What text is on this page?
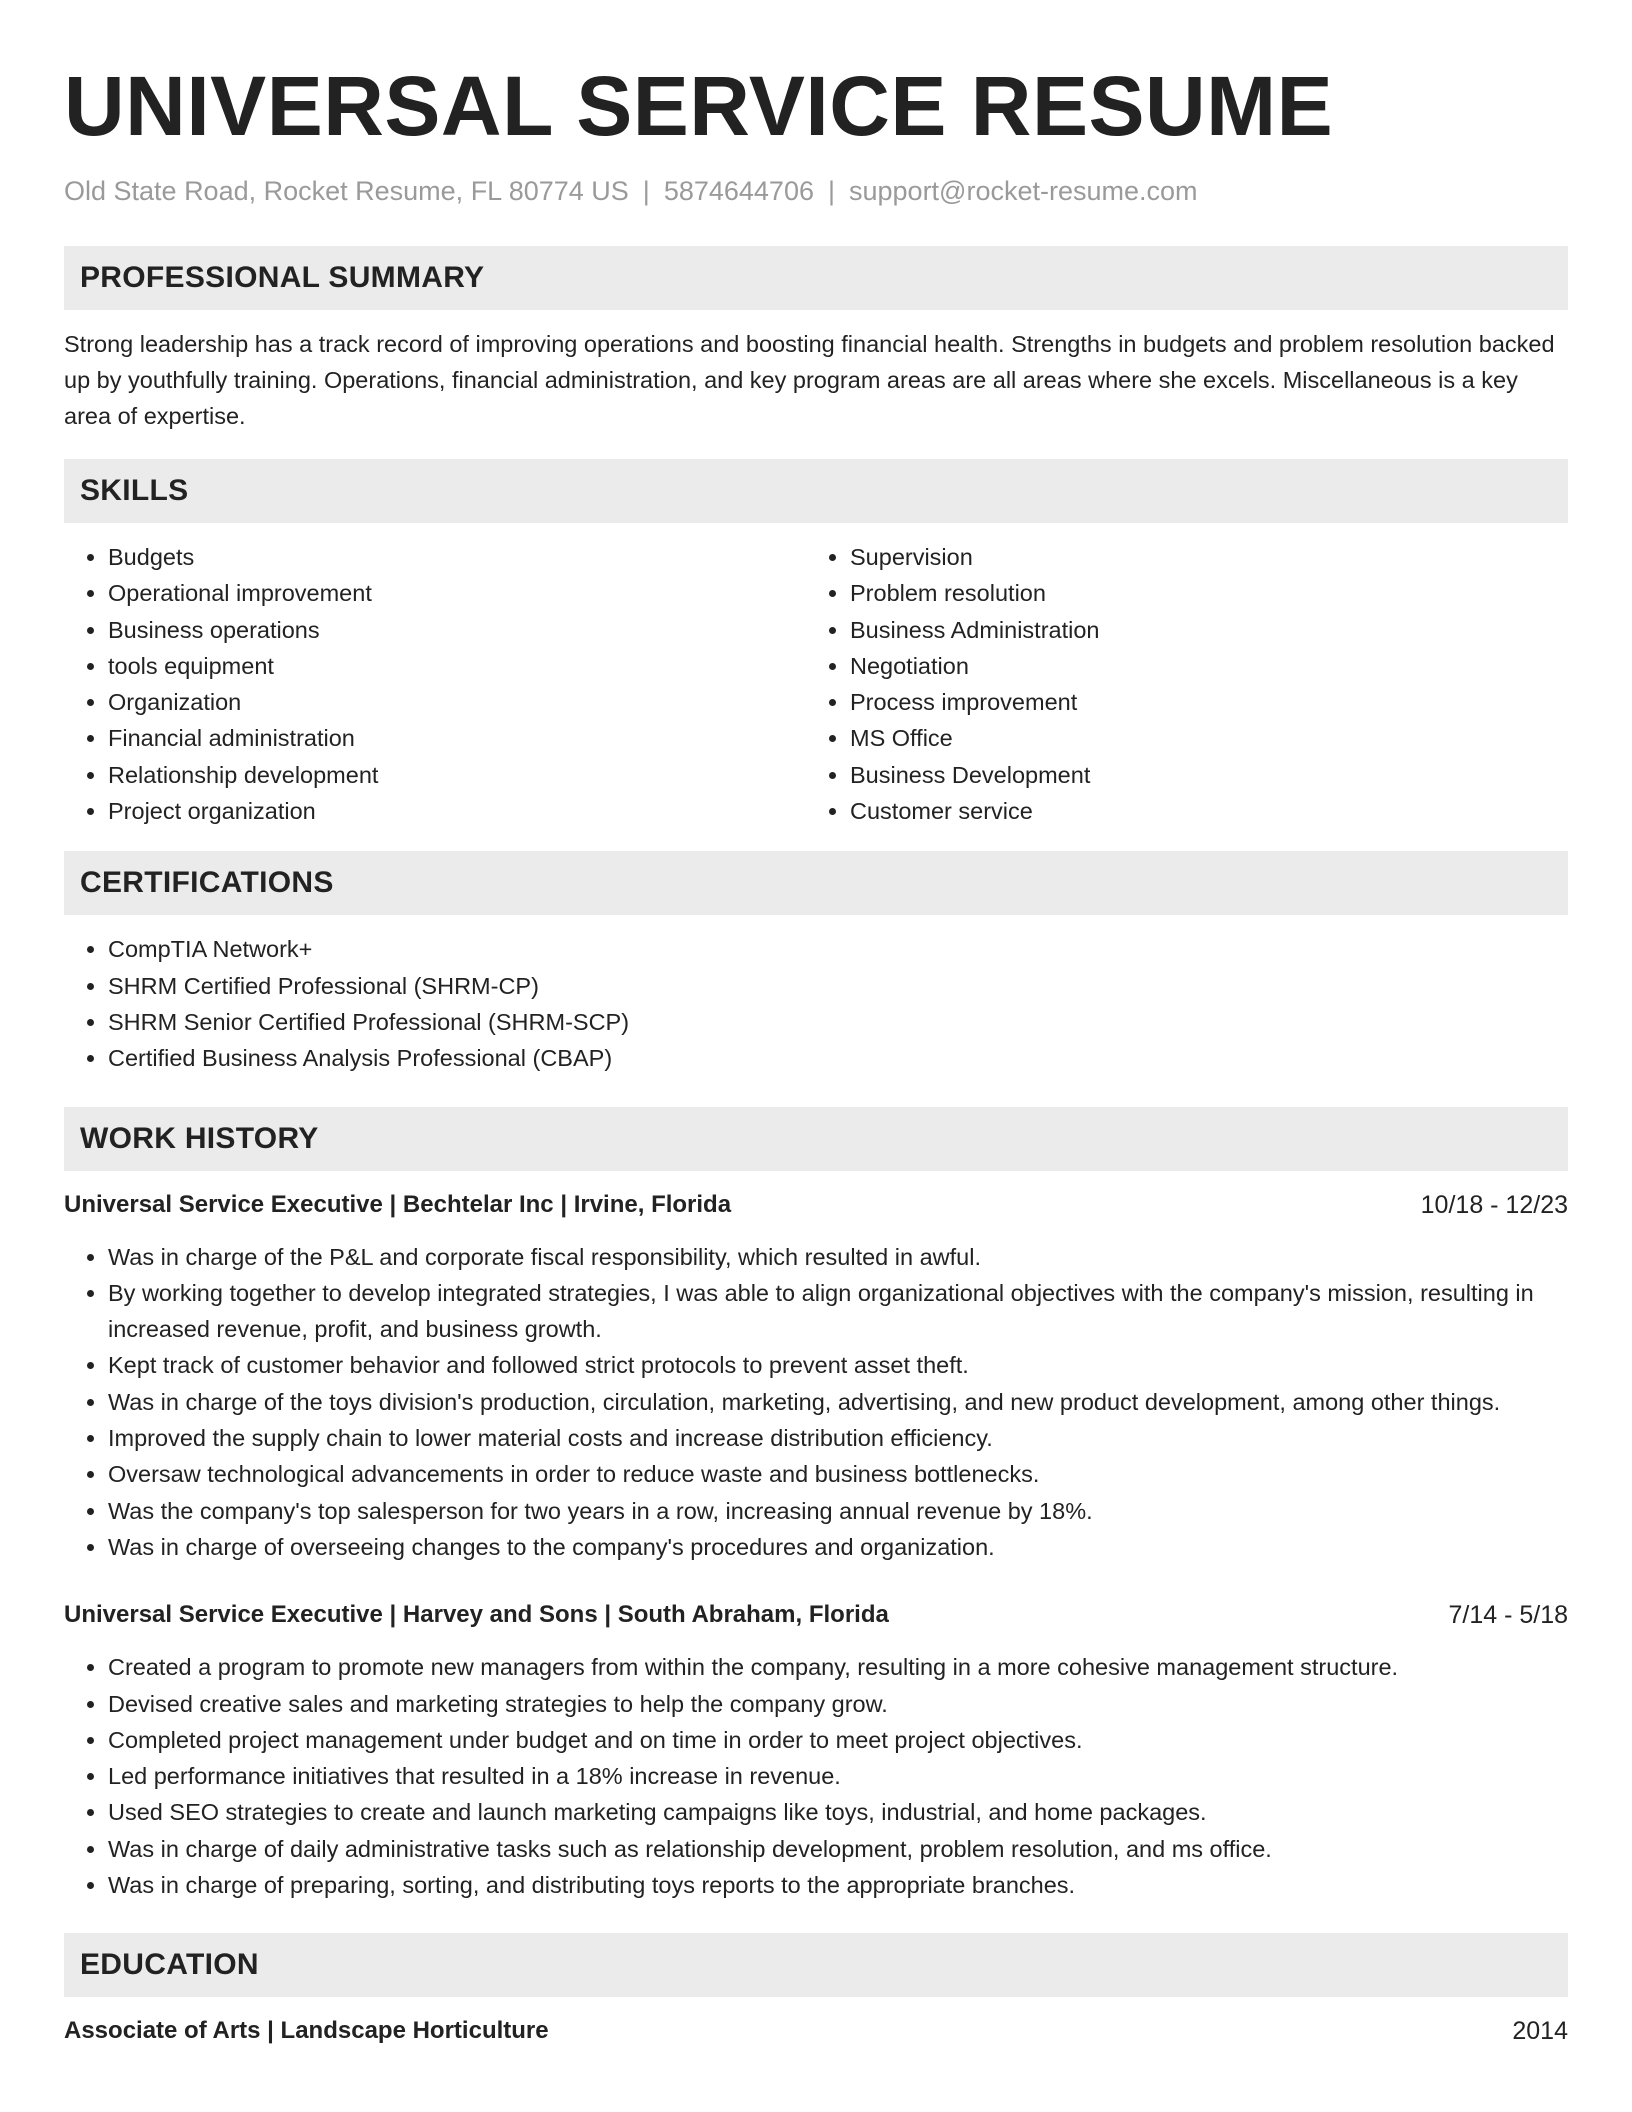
UNIVERSAL SERVICE RESUME
Old State Road, Rocket Resume, FL 80774 US | 5874644706 | support@rocket-resume.com
PROFESSIONAL SUMMARY

Strong leadership has a track record of improving operations and boosting financial health. Strengths in budgets and problem resolution backed up by youthfully training. Operations, financial administration, and key program areas are all areas where she excels. Miscellaneous is a key area of expertise.

SKILLS
• Budgets
• Operational improvement
• Business operations
• tools equipment
• Organization
• Financial administration
• Relationship development
• Project organization
• Supervision
• Problem resolution
• Business Administration
• Negotiation
• Process improvement
• MS Office
• Business Development
• Customer service
CERTIFICATIONS
• CompTIA Network+
• SHRM Certified Professional (SHRM-CP)
• SHRM Senior Certified Professional (SHRM-SCP)
• Certified Business Analysis Professional (CBAP)
WORK HISTORY
Universal Service Executive | Bechtelar Inc | Irvine, Florida	10/18 - 12/23
• Was in charge of the P&L and corporate fiscal responsibility, which resulted in awful.
• By working together to develop integrated strategies, I was able to align organizational objectives with the company's mission, resulting in increased revenue, profit, and business growth.
• Kept track of customer behavior and followed strict protocols to prevent asset theft.
• Was in charge of the toys division's production, circulation, marketing, advertising, and new product development, among other things.
• Improved the supply chain to lower material costs and increase distribution efficiency.
• Oversaw technological advancements in order to reduce waste and business bottlenecks.
• Was the company's top salesperson for two years in a row, increasing annual revenue by 18%.
• Was in charge of overseeing changes to the company's procedures and organization.
Universal Service Executive | Harvey and Sons | South Abraham, Florida	7/14 - 5/18
• Created a program to promote new managers from within the company, resulting in a more cohesive management structure.
• Devised creative sales and marketing strategies to help the company grow.
• Completed project management under budget and on time in order to meet project objectives.
• Led performance initiatives that resulted in a 18% increase in revenue.
• Used SEO strategies to create and launch marketing campaigns like toys, industrial, and home packages.
• Was in charge of daily administrative tasks such as relationship development, problem resolution, and ms office.
• Was in charge of preparing, sorting, and distributing toys reports to the appropriate branches.
EDUCATION
Associate of Arts | Landscape Horticulture	2014
